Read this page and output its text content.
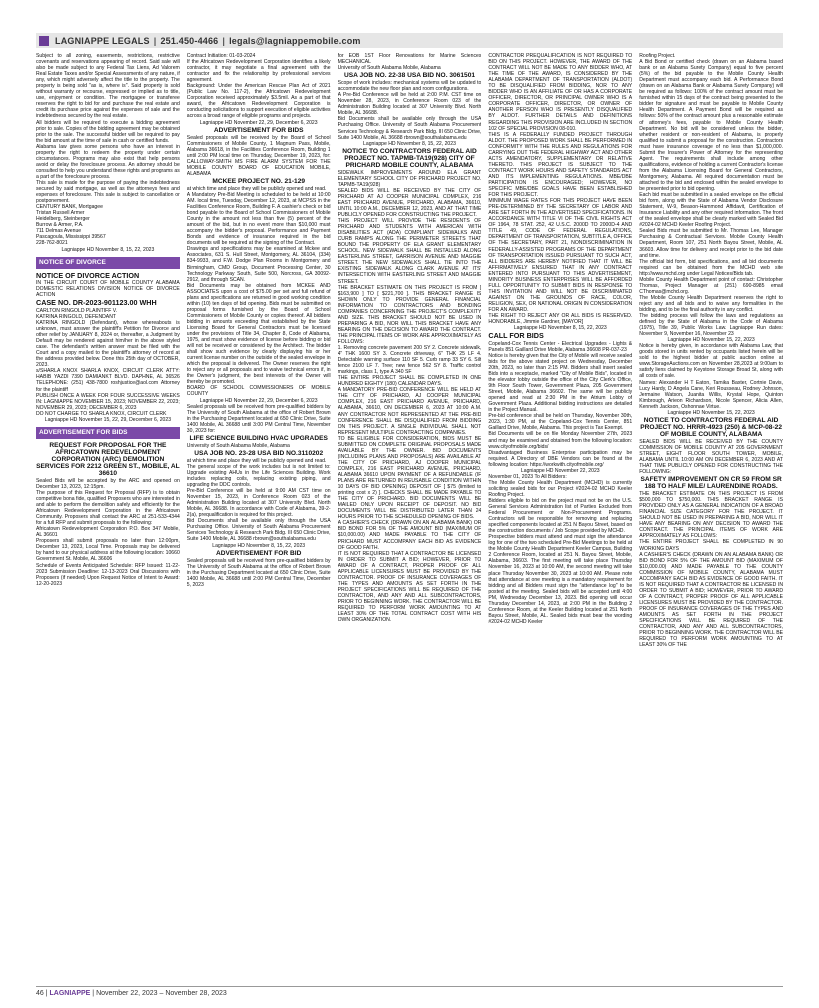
LAGNIAPPE LEGALS | 251.450-4466 | legals@lagniappemobile.com

Subject to all zoning, easements, restrictions, restrictive covenants and reservations appearing of record. Said sale will also be made subject to any Federal Tax Liens, Ad Valorem Real Estate Taxes and/or Special Assessments of any nature, if any, which might adversely affect the title to the property. The property is being sold "as is, where is". Said property is sold without warranty or recourse, expressed or implied as to title, use, enjoyment or condition. The mortgagee or transferee reserves the right to bid for and purchase the real estate and credit its purchase price against the expenses of sale and the indebtedness secured by the real estate.

All bidders will be required to execute a bidding agreement prior to sale. Copies of the bidding agreement may be obtained prior to the sale. The successful bidder will be required to pay the bid amount at the time of sale in cash or certified funds.

Alabama law gives some persons who have an interest in property the right to redeem the property under certain circumstances. Programs may also exist that help persons avoid or delay the foreclosure process. An attorney should be consulted to help you understand these rights and programs as a part of the foreclosure process.

This sale is made for the purpose of paying the indebtedness secured by said mortgage, as well as the attorneys fees and expenses of foreclosure. This sale is subject to cancellation or postponement.

CENTURY BANK, Mortgagee

Tristan Russell Armer

Heidelberg, Steinberger

Burrow & Armer, P.A.

711 Delmas Avenue

Pascagoula, Mississippi 39567

228-762-8021

Lagniappe HD November 8, 15, 22, 2023

NOTICE OF DIVORCE
NOTICE OF DIVORCE ACTION

IN THE CIRCUIT COURT OF MOBILE COUNTY ALABAMA DOMESTIC RELATIONS DIVISION NOTICE OF DIVORCE ACTION

CASE NO. DR-2023-901123.00 WHH

CARLTON RINGOLD PLAINTIFF V.

KATRINA RINGOLD, DEFENDANT

KATRINA RINGOLD (Defendant), whose whereabouts is unknown, must answer the plaintiff's Petition for Divorce and other relief by JANUARY 8, 2024 or, thereafter, a Judgment by Default may be rendered against him/her in the above styled case. The defendant's written answer must be filed with the Court and a copy mailed to the plaintiff's attorney of record at the address provided below. Done this 25th day of OCTOBER, 2023.

s/SHARLA KNOX SHARLA KNOX, CIRCUIT CLERK ATTY: HABIB YAZDI 7390 DAMIANKT BLVD. DAPHNE, AL 36526 TELEPHONE: (251) 438-7800 roshjustice@aol.com Attorney for the plaintiff

PUBLISH ONCE A WEEK FOR FOUR SUCCESSIVE WEEKS IN: LAGNIAPPE NOVEMBER 15, 2023; NOVEMBER 22, 2023; NOVEMBER 29, 2023; DECEMBER 6, 2023

DO NOT CHARGE TO SHARLA KNOX, CIRCUIT CLERK

Lagniappe HD November 15, 22, 29, December 6, 2023

ADVERTISEMENT FOR BIDS
REQUEST FOR PROPOSAL FOR THE AFRICATOWN REDEVELOPMENT CORPORATION (ARC) DEMOLITION SERVICES FOR 2212 GREEN ST., MOBILE, AL 36610

Sealed Bids will be accepted by the ARC and opened on December 13, 2023, 12:15pm.

The purpose of this Request for Proposal (RFP) is to obtain competitive bona fide, qualified Proposers who are interested in and able to perform the demolition safely and efficiently for the Africatown Redevelopment Corporation in the Africatown Community. Proposers shall contact the ARC at 251-533-4344 for a full RFP and submit proposals to the following:

Africatown Redevelopment Corporation P.O. Box 347 Mobile, AL 36601

Proposers shall submit proposals no later than 12:00pm, December 13, 2023, Local Time. Proposals may be delivered by hand to our physical address at the following location: 10660 Government St. Mobile, AL 36606

Schedule of Events Anticipated Schedule: RFP Issued: 11-22-2023 Submission Deadline: 12-13-2023 Oral Discussions with Proposers (if needed) Upon Request Notice of Intent to Award: 12-20-2023

Contract Initiation: 01-03-2024

If the Africatown Redevelopment Corporation identifies a likely contractor, it may negotiate a final agreement with the contractor and fix the relationship by professional services agreement.

Background: Under the American Rescue Plan Act of 2021 (Public Law No. 117-2), the Africatown Redevelopment Corporation received approximately $3.5mil. As a part of that award, the Africatown Redevelopment Corporation is conducting solicitations to support execution of eligible activities across a broad range of eligible programs and projects.

Lagniappe HD November 22, 29, December 6, 2023

ADVERTISEMENT FOR BIDS

Sealed proposals will be received by the Board of School Commissioners of Mobile County, 1 Magnum Pass, Mobile, Alabama 36618, in the Facilities Conference Room, Building 1 until 2:00 PM local time on Thursday, December 19, 2023, for: CALLOWAY-SMITH MS FIRE ALARM SYSTEM FOR THE MOBILE COUNTY BOARD OF EDUCATION MOBILE, ALABAMA

MCKEE PROJECT NO. 21-129

at which time and place they will be publicly opened and read.

A Mandatory Pre-Bid Meeting is scheduled to be held at 10:00 AM. local time, Tuesday, December 12, 2023, at MCPSS in the Facilities Conference Room, Building F. A cashier's check or bid bond payable to the Board of School Commissioners of Mobile County in the amount not less than five (5) percent of the amount of the bid, but in no event more than $10,000 must accompany the bidder's proposal. Performance and Payment Bonds and evidence of insurance required in the bid documents will be required at the signing of the Contract.

Drawings and specifications may be examined at Mckee and Associates, 631 S. Hull Street, Montgomery, AL 36104, (334) 834-9933, and F.W. Dodge Plan Rooms in Montgomery and Birmingham, CMD Group, Document Processing Center, 30 Technology Parkway South, Suite 500, Norcross, GA 30092-2912, and through SCAN.

Bid Documents may be obtained from MCKEE AND ASSOCIATES upon a cost of $75.00 per set and full refund of plans and specifications are returned in good working condition within (10) ten days of bid opening. Bids must be submitted on proposal forms furnished by the Board of School Commissioners of Mobile County or copies thereof. All bidders bidding in amounts exceeding that established by the State Licensing Board for General Contractors must be licensed under the provisions of Title 34, Chapter 8, Code of Alabama, 1975, and must show evidence of license before bidding or bid will not be received or considered by the Architect. The bidder shall show such evidence by clearly displaying his or her current license number on the outside of the sealed envelope in which the proposal is delivered. The Owner reserves the right to reject any or all proposals and to waive technical errors if, in the Owner's judgment, the best interests of the Owner will thereby be promoted.

BOARD OF SCHOOL COMMISSIONERS OF MOBILE COUNTY

Lagniappe HD November 22, 29, December 6, 2023

Sealed proposals will be received from pre-qualified bidders by The University of South Alabama at the office of Robert Brown in the Purchasing Department located at 650 Clinic Drive, Suite 1400 Mobile, AL 36688 until 3:00 PM Central Time, November 30, 2023 for:

LIFE SCIENCE BUILDING HVAC UPGRADES

University of South Alabama Mobile, Alabama

USA JOB NO. 23-28 USA BID NO.3110202

at which time and place they will be publicly opened and read.

The general scope of the work includes but is not limited to: Upgrade existing AHUs in the Life Sciences Building. Work includes replacing coils, replacing existing piping, and upgrading the DDC controls.

Pre-Bid Conference will be held at 9:00 AM CST time on November 15, 2023, in Conference Room 023 of the Administration Building located at 307 University Blvd. North Mobile, AL 36688. In accordance with Code of Alabama, 39-2-2(a), prequalification is required for this project.

Bid Documents shall be available only through the USA Purchasing Office. University of South Alabama Procurement Services Technology & Research Park Bldg. III 650 Clinic Drive, Suite 1400 Mobile, AL 36688 rbrown@southalabama.edu

Lagniappe HD November 8, 15, 22, 2023

ADVERTISEMENT FOR BID

Sealed proposals will be received from pre-qualified bidders by The University of South Alabama at the office of Robert Brown in the Purchasing Department located at 650 Clinic Drive, Suite 1400 Mobile, AL 36688 until 2:00 PM Central Time, December 5, 2023

for EOB 1ST Floor Renovations for Marine Sciences MECHANICAL

University of South Alabama Mobile, Alabama

USA JOB NO. 22-38 USA BID NO. 3061501

Scope of work includes: mechanical systems will be updated to accommodate the new floor plan and room configurations.

A Pre-Bid Conference will be held at 2:00 P.M. CST time on November 28, 2023, in Conference Room 023 of the Administration Building located at 307 University Blvd. North Mobile, AL 36688.

Bid Documents shall be available only through the USA Purchasing Office. University of South Alabama Procurement Services Technology & Research Park Bldg. III 650 Clinic Drive, Suite 1400 Mobile, AL 36688 rbrown@southalabama.edu

Lagniappe HD November 8, 15, 22, 2023

NOTICE TO CONTRACTORS FEDERAL AID PROJECT NO. TAPMB-TA19(928) CITY OF PRICHARD MOBILE COUNTY, ALABAMA

SIDEWALK IMPROVEMENTS AROUND ELA GRANT ELEMENTARY SCHOOL CITY OF PRICHARD PROJECT NO. TAPMB-TA19(928)

SEALED BIDS WILL BE RECEIVED BY THE CITY OF PRICHARD AT AJ COOPER MUNICIPAL COMPLEX, 216 EAST PRICHARD AVENUE, PRICHARD, ALABAMA, 36610, UNTIL 10:00 A.M., DECEMBER 12, 2023, AND AT THAT TIME PUBLICLY OPENED FOR CONSTRUCTING THE PROJECT.

THIS PROJECT WILL PROVIDE THE RESIDENTS OF PRICHARD AND STUDENTS WITH AMERICAN WITH DISABILITIES ACT (ADA) COMPLIANT SIDEWALKS AND CURB RAMPS ALONG THE PERIMETER STREETS THAT BOUND THE PROPERTY OF ELA GRANT ELEMENTARY SCHOOL. NEW SIDEWALK SHALL BE INSTALLED ALONG EASTERLING STREET, GARRISON AVENUE AND MAGGIE STREET. THE NEW SIDEWALKS SHALL TIE INTO THE EXISTING SIDEWALK ALONG CLARK AVENUE AT ITS' INTERSECTION WITH EASTERLING STREET AND MAGGIE STREET.

THE BRACKET ESTIMATE ON THIS PROJECT IS FROM [ $163,900 ] TO [ $221,700 ]. THIS BRACKET RANGE IS SHOWN ONLY TO PROVIDE GENERAL FINANCIAL INFORMATION TO CONTRACTORS AND BONDING COMPANIES CONCERNING THE PROJECT'S COMPLEXITY AND SIZE. THIS BRACKET SHOULD NOT BE USED IN PREPARING A BID, NOR WILL THIS BRACKET HAVE ANY BEARING ON THE DECISION TO AWARD THE CONTRACT. THE PRINCIPAL ITEMS OF WORK ARE APPROXIMATELY AS FOLLOWS:

1. Removing concrete pavement 200 SY 2. Concrete sidewalk, 4" THK 1600 SY 3. Concrete driveway, 6" THK 25 LF 4. Detectable warning surface 110 SF 5. Curb ramp 33 SY 6. Silt fence 2100 LF 7. Tree; new fence 562 SY 8. Traffic control markings, class 1, type A 340 SF

THE ENTIRE PROJECT SHALL BE COMPLETED IN ONE HUNDRED EIGHTY (180) CALENDAR DAYS.

A MANDATORY PRE-BID CONFERENCE WILL BE HELD AT THE CITY OF PRICHARD, AJ COOPER MUNICIPAL COMPLEX, 216 EAST PRICHARD AVENUE, PRICHARD, ALABAMA, 36610, ON DECEMBER 6, 2023 AT 10:00 A.M. ANY CONTRACTOR NOT REPRESENTED AT THE PRE-BID CONFERENCE SHALL BE DISQUALIFIED FROM BIDDING ON THIS PROJECT. A SINGLE INDIVIDUAL SHALL NOT REPRESENT MULTIPLE CONTRACTING COMPANIES.

TO BE ELIGIBLE FOR CONSIDERATION, BIDS MUST BE SUBMITTED ON COMPLETE ORIGINAL PROPOSALS MADE AVAILABLE BY THE OWNER. BID DOCUMENTS (INCLUDING PLANS AND PROPOSALS) ARE AVAILABLE AT THE CITY OF PRICHARD, AJ COOPER MUNICIPAL COMPLEX, 216 EAST PRICHARD AVENUE, PRICHARD, ALABAMA 36610 UPON PAYMENT OF A REFUNDABLE (IF PLANS ARE RETURNED IN REUSABLE CONDITION WITHIN 10 DAYS OF BID OPENING) DEPOSIT OF [ $75 (limited to printing cost x 2) ]. CHECKS SHALL BE MADE PAYABLE TO THE CITY OF PRICHARD. BID DOCUMENTS WILL BE MAILED ONLY UPON RECEIPT OF DEPOSIT. NO BID DOCUMENTS WILL BE DISTRIBUTED LATER THAN 24 HOURS PRIOR TO THE SCHEDULED OPENING OF BIDS.

A CASHIER'S CHECK (DRAWN ON AN ALABAMA BANK) OR BID BOND FOR 5% OF THE AMOUNT BID (MAXIMUM OF $10,000.00) AND MADE PAYABLE TO THE CITY OF PRICHARD MUST ACCOMPANY EACH BID AS EVIDENCE OF GOOD FAITH.

IT IS NOT REQUIRED THAT A CONTRACTOR BE LICENSED IN ORDER TO SUBMIT A BID; HOWEVER, PRIOR TO AWARD OF A CONTRACT, PROPER PROOF OF ALL APPLICABLE LICENSURES MUST BE PROVIDED BY THE CONTRACTOR. PROOF OF INSURANCE COVERAGES OF THE TYPES AND AMOUNTS AS SET FORTH IN THE PROJECT SPECIFICATIONS WILL BE REQUIRED OF THE CONTRACTOR, AND ANY AND ALL SUBCONTRACTORS, PRIOR TO BEGINNING WORK. THE CONTRACTOR WILL BE REQUIRED TO PERFORM WORK AMOUNTING TO AT LEAST 30% OF THE TOTAL CONTRACT COST WITH HIS OWN ORGANIZATION.

CONTRACTOR PREQUALIFICATION IS NOT REQUIRED TO BID ON THIS PROJECT. HOWEVER, THE AWARD OF THE CONTRACT WILL NOT BE MADE TO ANY BIDDER WHO, AT THE TIME OF THE AWARD, IS CONSIDERED BY THE ALABAMA DEPARTMENT OF TRANSPORTATION (ALDOT) TO BE DISQUALIFIED FROM BIDDING, NOR TO ANY BIDDER WHO IS AN AFFILIATE OF OR HAS A CORPORATE OFFICER, DIRECTOR, OR PRINCIPAL OWNER WHO IS A CORPORATE OFFICER, DIRECTOR, OR OWNER OF ANOTHER PERSON WHO IS PRESENTLY DISQUALIFIED BY ALDOT. FURTHER DETAILS AND DEFINITIONS REGARDING THIS PROVISION ARE INCLUDED IN SECTION 102 OF SPECIAL PROVISION 08-010.

THIS IS A FEDERALLY FUNDED PROJECT THROUGH ALDOT. THE PROPOSED WORK SHALL BE PERFORMED IN CONFORMITY WITH THE RULES AND REGULATIONS FOR CARRYING OUT THE FEDERAL HIGHWAY ACT AND OTHER ACTS AMENDATORY, SUPPLEMENTARY OR RELATIVE THERETO. THIS PROJECT IS SUBJECT TO THE CONTRACT WORK HOURS AND SAFETY STANDARDS ACT AND ITS IMPLEMENTING REGULATIONS. MBE/DBE PARTICIPATION IS ENCOURAGED; HOWEVER, NO SPECIFIC MBE/DBE GOALS HAVE BEEN ESTABLISHED FOR THIS PROJECT.

MINIMUM WAGE RATES FOR THIS PROJECT HAVE BEEN PRE-DETERMINED BY THE SECRETARY OF LABOR AND ARE SET FORTH IN THE ADVERTISED SPECIFICATIONS. IN ACCORDANCE WITH TITLE VI OF THE CIVIL RIGHTS ACT OF 1964, 78 STAT. 252, 42 U.S.C. 2000D TO 2000D-4 AND TITLE 49, CODE OF FEDERAL REGULATIONS, DEPARTMENT OF TRANSPORTATION, SUBTITLE A, OFFICE OF THE SECRETARY, PART 21, NONDISCRIMINATION IN FEDERALLY-ASSISTED PROGRAMS OF THE DEPARTMENT OF TRANSPORTATION ISSUED PURSUANT TO SUCH ACT, ALL BIDDERS ARE HEREBY NOTIFIED THAT IT WILL BE AFFIRMATIVELY ENSURED THAT IN ANY CONTRACT ENTERED INTO PURSUANT TO THIS ADVERTISEMENT, MINORITY BUSINESS ENTERPRISES WILL BE AFFORDED FULL OPPORTUNITY TO SUBMIT BIDS IN RESPONSE TO THIS INVITATION AND WILL NOT BE DISCRIMINATED AGAINST ON THE GROUNDS OF RACE, COLOR, RELIGION, SEX, OR NATIONAL ORIGIN IN CONSIDERATION FOR AN AWARD.

THE RIGHT TO REJECT ANY OR ALL BIDS IS RESERVED. HONORABLE, Jimmie Gardner, [MAYOR]

Lagniappe HD November 8, 15, 22, 2023

CALL FOR BIDS

Copeland-Cox Tennis Center - Electrical Upgrades - Lights & Panels 851 Gaillard Drive Mobile, Alabama 36608 PR-037-23

Notice is hereby given that the City of Mobile will receive sealed bids for the above stated project on Wednesday, December 20th, 2023, no later than 2:15 PM. Bidders shall insert sealed Bids into a receptacle, marked "City of Mobile Bids", located in the elevator lobby outside the office of the City Clerk's Office, 9th Floor South Tower, Government Plaza, 205 Government Street, Mobile, Alabama 36602. The same will be publicly opened and read at 2:30 PM in the Atrium Lobby of Government Plaza. Additional bidding instructions are detailed in the Project Manual.

Pre-bid conference shall be held on Thursday, November 30th, 2023, 1:30 PM, at the Copeland-Cox Tennis Center, 851 Gaillard Drive, Mobile, Alabama. This project is Tax Exempt.

Bid Documents will be on file Monday November 27th, 2023 and may be examined and obtained from the following location: www.cityofmobile.org/bids/

Disadvantaged Business Enterprise participation may be required. A Directory of DBE Vendors can be found at the following location: https://workwith.cityofmobile.org/

Lagniappe HD November 22, 2023

November 01, 2023 To All Bidders:

The Mobile County Health Department (MCHD) is currently soliciting sealed bids for our Project #2024-02 MCHD Keeler Roofing Project.

Bidders eligible to bid on the project must not be on the U.S. General Services Administration list of Parties Excluded from Federal Procurement or Non-Procurement Programs. Contractors will be responsible for removing and replacing specified components located at 251 N Bayou Street, based on the construction documents / Job Scope provided by MCHD.

Prospective bidders must attend and must sign the attendance log for one of the two scheduled Pre-Bid Meetings to be held at the Mobile County Health Department Keeler Campus, Building 2 Conference Room, located at 251 N. Bayou Street, Mobile, Alabama, 36603. The first meeting will take place Thursday November 16, 2023 at 10:00 AM, the second meeting will take place Thursday November 30, 2023 at 10:00 AM. Please note that attendance at one meeting is a mandatory requirement for bidding and all Bidders must sign the "attendance log" to be posted at the meeting. Sealed bids will be accepted until 4:00 PM, Wednesday December 13, 2023. Bid opening will occur Thursday December 14, 2023, at 2:00 PM in the Building 2 Conference Room, at the Keeler Building located at 251 North Bayou Street, Mobile, AL. Sealed bids must bear the wording #2024-02 MCHD Keeler

Roofing Project.

A Bid Bond or certified check (drawn on an Alabama based bank or an Alabama Surety Company) equal to five percent (5%) of the bid payable to the Mobile County Health Department must accompany each bid. A Performance Bond (drawn on an Alabama Bank or Alabama Surety Company) will be required as follows: 100% of the contract amount must be furnished within 15 days of the contract being presented to the bidder for signature and must be payable to Mobile County Health Department. A Payment Bond will be required as follows: 50% of the contract amount plus a reasonable estimate of attorney's fees, payable to Mobile County Health Department. No bid will be considered unless the bidder, whether resident or non-resident of Alabama, is properly qualified to submit a proposal for the construction. Contractors must have insurance coverage of no less than $1,000,000. Submit the Insurer's Power of Attorney for the representing Agent. The requirements shall include among other qualifications, evidence of holding a current Contractor's license from the Alabama Licensing Board for General Contractors, Montgomery, Alabama. All required documentation must be attached to the bid and enclosed within the sealed envelope to be presented prior to bid opening.

Each bid must be submitted in a sealed envelope on the official bid form, along with the State of Alabama Vendor Disclosure Statement, W-9, Beason-Hammond Affidavit, Certification of Insurance Liability and any other required information. The front of the sealed envelope shall be clearly marked with Sealed Bid #2024-02 MCHD Keeler Roofing Project.

Sealed Bids must be submitted to Mr. Thomas Lee, Manager Purchasing & Contractual Services. Mobile County Health Department, Room 107, 251 North Bayou Street, Mobile, AL 36603. Allow time for delivery and receipt prior to the bid date and time.

The official bid form, bid specifications, and all bid documents required can be obtained from the MCHD web site http://www.mchd.org under Legal Notices/Bids tab.

Mobile County Health Department point of contact: Christopher Thomas, Project Manager at (251) 690-8985 email CThomas@mchd.org.

The Mobile County Health Department reserves the right to reject any and all bids and to waive any formalities in the bidding, and to be the final authority in any conflict.

The bidding process will follow the laws and regulations as defined by the State of Alabama in the Code of Alabama (1975), Title 39, Public Works Law. Lagniappe Run dates: November 9, November 16, November 23

Lagniappe HD November 15, 22, 2023

Notice is hereby given, in accordance with Alabama Law, that goods stored in units rented by occupants listed herein will be sold to the highest bidder at public auction online at www.StorageAuctions.com on November 28,2023 at 9:00am to satisfy liens claimed by Keystone Storage Broad St, along with all costs of sale.

Names: Alexander H T Eaton, Tamika Baxter, Cortnie Davis, Lucy Hardy, D Angela Cane, Keri Rousseau, Rodney Johnson, Jermaine Watson, Juanita Willis, Krystal Hope, Quinton Kimbrough, Arieon Richardson, Nicole Spencer, Alicia Allen, Kenneth Jackson, Oshonnae Virtue.

Lagniappe HD November 15, 22, 2023

NOTICE TO CONTRACTORS FEDERAL AID PROJECT NO. HRRR-4923 (250) & MCP-08-22 OF MOBILE COUNTY, ALABAMA

SEALED BIDS WILL BE RECEIVED BY THE COUNTY COMMISSION OF MOBILE COUNTY AT 205 GOVERNMENT STREET, EIGHT FLOOR SOUTH TOWER, MOBILE, ALABAMA UNTIL 10:00 AM ON DECEMBER 6, 2023 AND AT THAT TIME PUBLICLY OPENED FOR CONSTRUCTING THE FOLLOWING:

SAFETY IMPROVEMENT ON CR 59 FROM SR 188 TO HALF MILE/ LAURENDINE ROADS.

THE BRACKET ESTIMATE ON THIS PROJECT IS FROM $500,000 TO $750,000. THIS BRACKET RANGE IS PROVIDED ONLY AS A GENERAL INDICATION OF A BROAD FINANCIAL SIZE CATEGORY FOR THE PROJECT. IT SHOULD NOT BE USED IN PREPARING A BID, NOR WILL IT HAVE ANY BEARING ON ANY DECISION TO AWARD THE CONTRACT. THE PRINCIPAL ITEMS OF WORK ARE APPROXIMATELY AS FOLLOWS:

THE ENTIRE PROJECT SHALL BE COMPLETED IN 90 WORKING DAYS

A CASHIER'S CHECK (DRAWN ON AN ALABAMA BANK) OR BID BOND FOR 5% OF THE AMOUNT BID (MAXIMUM OF $10,000.00) AND MADE PAYABLE TO THE COUNTY COMMISSION OF MOBILE COUNTY, ALABAMA MUST ACCOMPANY EACH BID AS EVIDENCE OF GOOD FAITH. IT IS NOT REQUIRED THAT A CONTRACTOR BE LICENSED IN ORDER TO SUBMIT A BID; HOWEVER, PRIOR TO AWARD OF A CONTRACT, PROPER PROOF OF ALL APPLICABLE LICENSURES MUST BE PROVIDED BY THE CONTRACTOR. PROOF OF INSURANCE COVERAGES OF THE TYPES AND AMOUNTS AS SET FORTH IN THE PROJECT SPECIFICATIONS WILL BE REQUIRED OF THE CONTRACTOR, AND ANY AND ALL SUBCONTRACTORS, PRIOR TO BEGINNING WORK. THE CONTRACTOR WILL BE REQUIRED TO PERFORM WORK AMOUNTING TO AT LEAST 30% OF THE

46 | LAGNIAPPE | November 22, 2023 – November 28, 2023
